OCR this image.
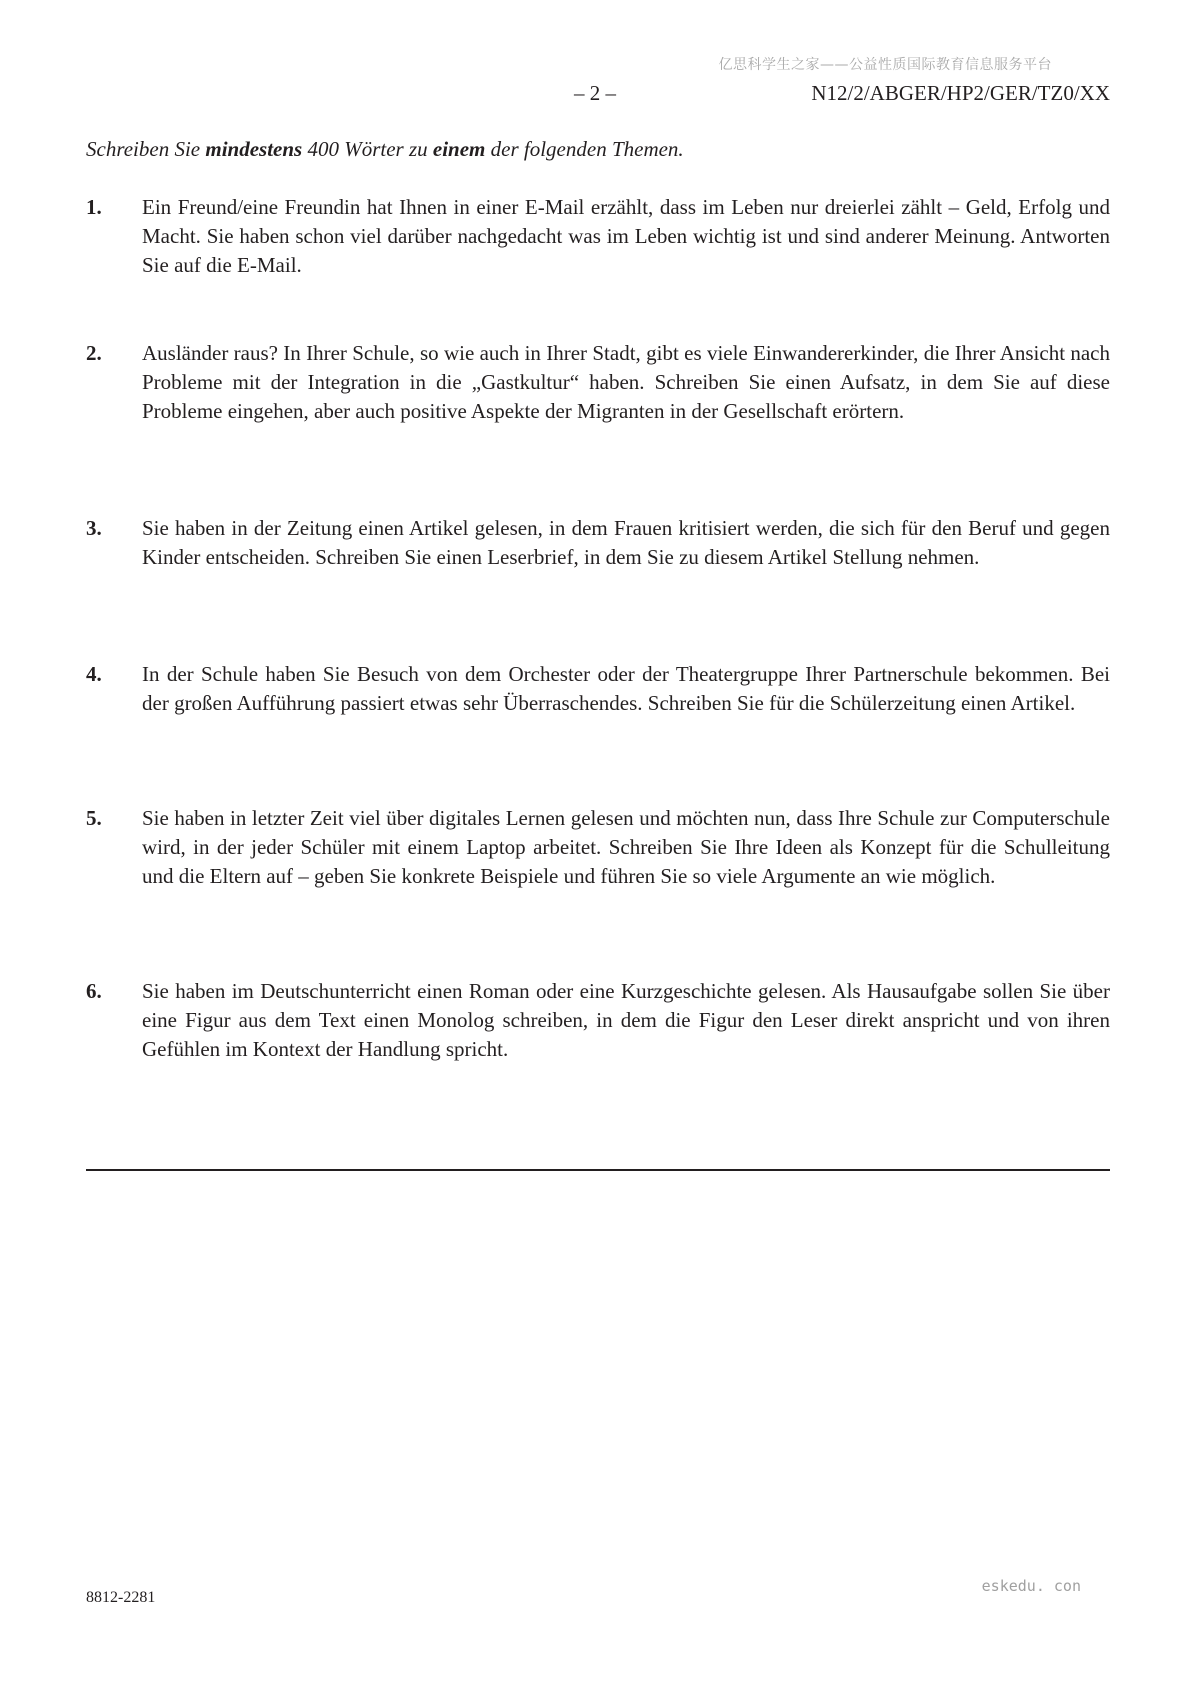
亿思科学生之家——公益性质国际教育信息服务平台
– 2 –	N12/2/ABGER/HP2/GER/TZ0/XX
Schreiben Sie mindestens 400 Wörter zu einem der folgenden Themen.
1. Ein Freund/eine Freundin hat Ihnen in einer E-Mail erzählt, dass im Leben nur dreierlei zählt – Geld, Erfolg und Macht. Sie haben schon viel darüber nachgedacht was im Leben wichtig ist und sind anderer Meinung. Antworten Sie auf die E-Mail.
2. Ausländer raus? In Ihrer Schule, so wie auch in Ihrer Stadt, gibt es viele Einwandererkinder, die Ihrer Ansicht nach Probleme mit der Integration in die „Gastkultur“ haben. Schreiben Sie einen Aufsatz, in dem Sie auf diese Probleme eingehen, aber auch positive Aspekte der Migranten in der Gesellschaft erörtern.
3. Sie haben in der Zeitung einen Artikel gelesen, in dem Frauen kritisiert werden, die sich für den Beruf und gegen Kinder entscheiden. Schreiben Sie einen Leserbrief, in dem Sie zu diesem Artikel Stellung nehmen.
4. In der Schule haben Sie Besuch von dem Orchester oder der Theatergruppe Ihrer Partnerschule bekommen. Bei der großen Aufführung passiert etwas sehr Überraschendes. Schreiben Sie für die Schülerzeitung einen Artikel.
5. Sie haben in letzter Zeit viel über digitales Lernen gelesen und möchten nun, dass Ihre Schule zur Computerschule wird, in der jeder Schüler mit einem Laptop arbeitet. Schreiben Sie Ihre Ideen als Konzept für die Schulleitung und die Eltern auf – geben Sie konkrete Beispiele und führen Sie so viele Argumente an wie möglich.
6. Sie haben im Deutschunterricht einen Roman oder eine Kurzgeschichte gelesen. Als Hausaufgabe sollen Sie über eine Figur aus dem Text einen Monolog schreiben, in dem die Figur den Leser direkt anspricht und von ihren Gefühlen im Kontext der Handlung spricht.
eskedu. con
8812-2281
